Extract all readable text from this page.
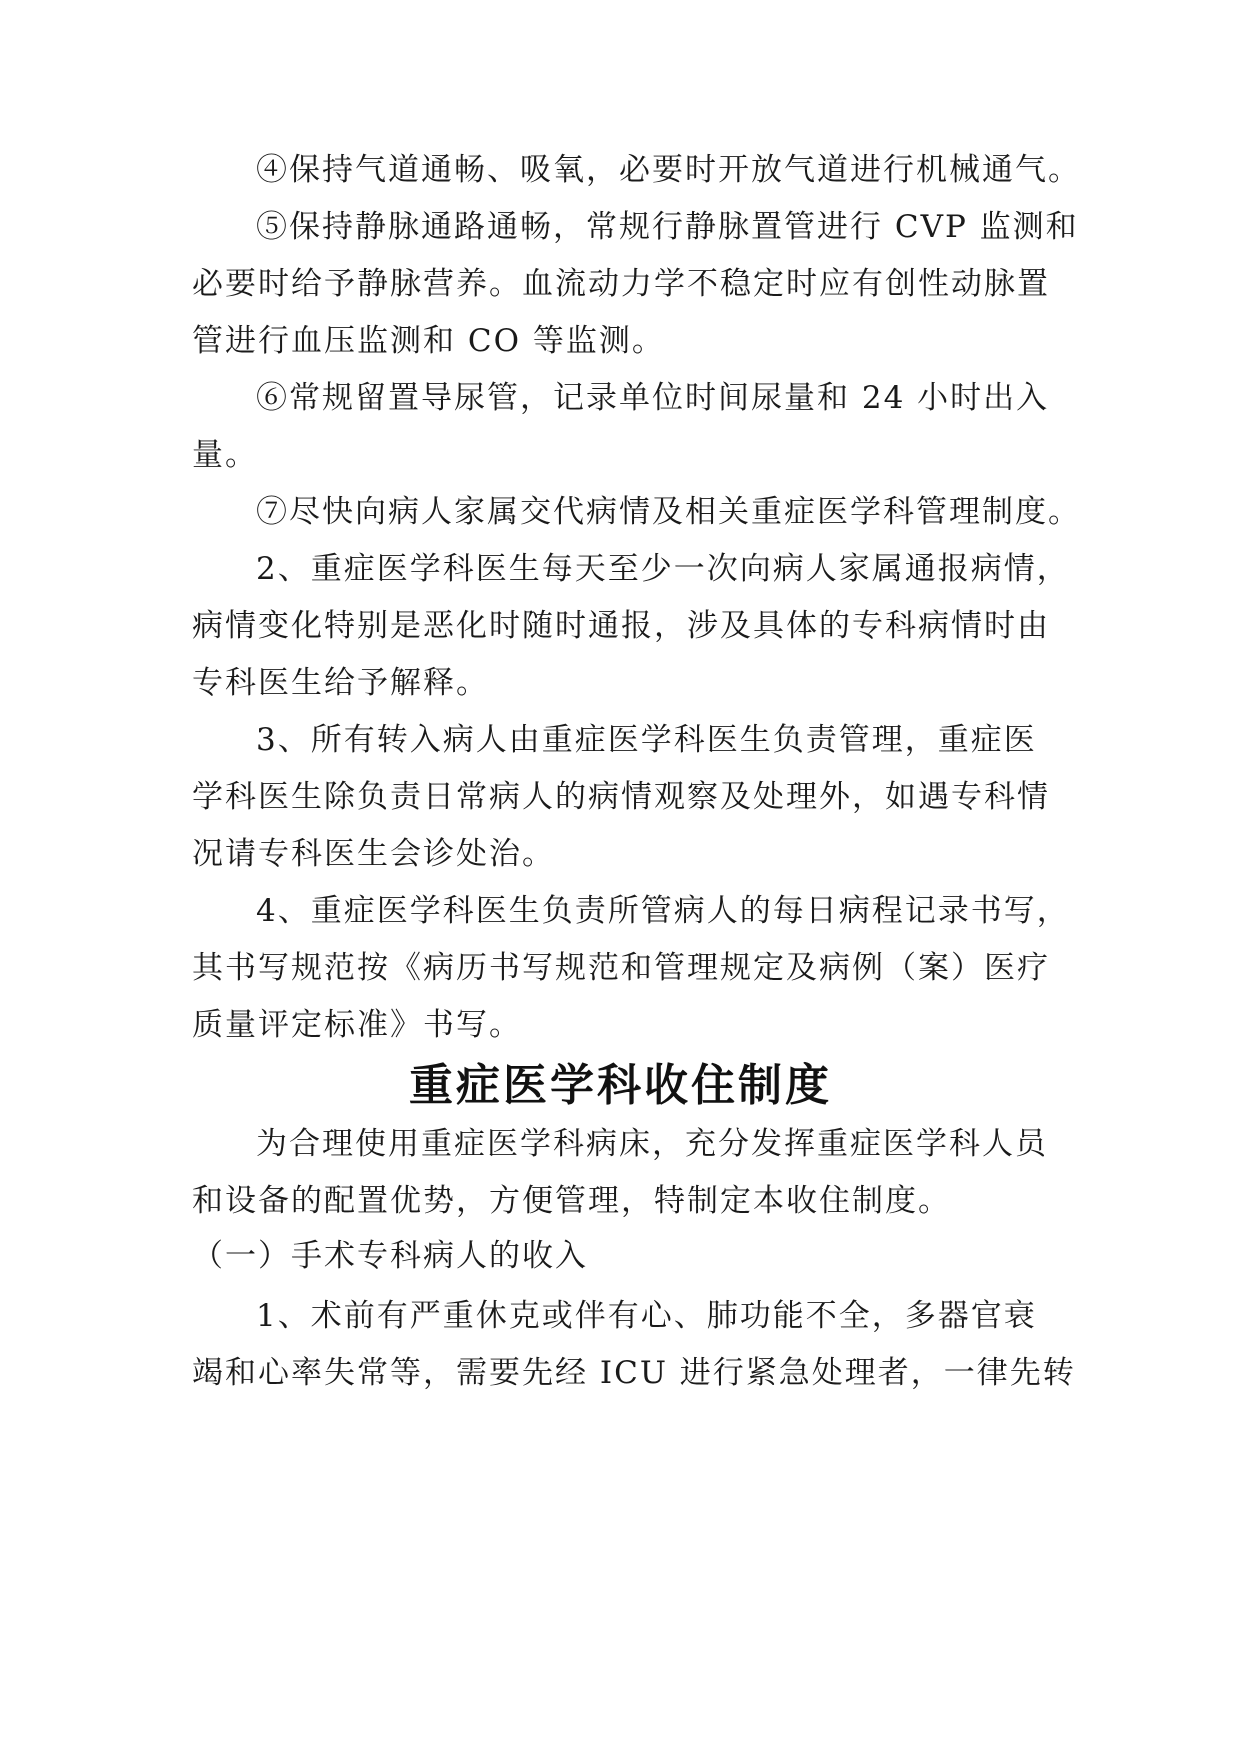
④保持气道通畅、吸氧，必要时开放气道进行机械通气。
⑤保持静脉通路通畅，常规行静脉置管进行 CVP 监测和
必要时给予静脉营养。血流动力学不稳定时应有创性动脉置
管进行血压监测和 CO 等监测。
⑥常规留置导尿管，记录单位时间尿量和 24 小时出入
量。
⑦尽快向病人家属交代病情及相关重症医学科管理制度。
2、重症医学科医生每天至少一次向病人家属通报病情，
病情变化特别是恶化时随时通报，涉及具体的专科病情时由
专科医生给予解释。
3、所有转入病人由重症医学科医生负责管理，重症医
学科医生除负责日常病人的病情观察及处理外，如遇专科情
况请专科医生会诊处治。
4、重症医学科医生负责所管病人的每日病程记录书写，
其书写规范按《病历书写规范和管理规定及病例（案）医疗
质量评定标准》书写。
重症医学科收住制度
为合理使用重症医学科病床，充分发挥重症医学科人员
和设备的配置优势，方便管理，特制定本收住制度。
（一）手术专科病人的收入
1、术前有严重休克或伴有心、肺功能不全，多器官衰
竭和心率失常等，需要先经 ICU 进行紧急处理者，一律先转
